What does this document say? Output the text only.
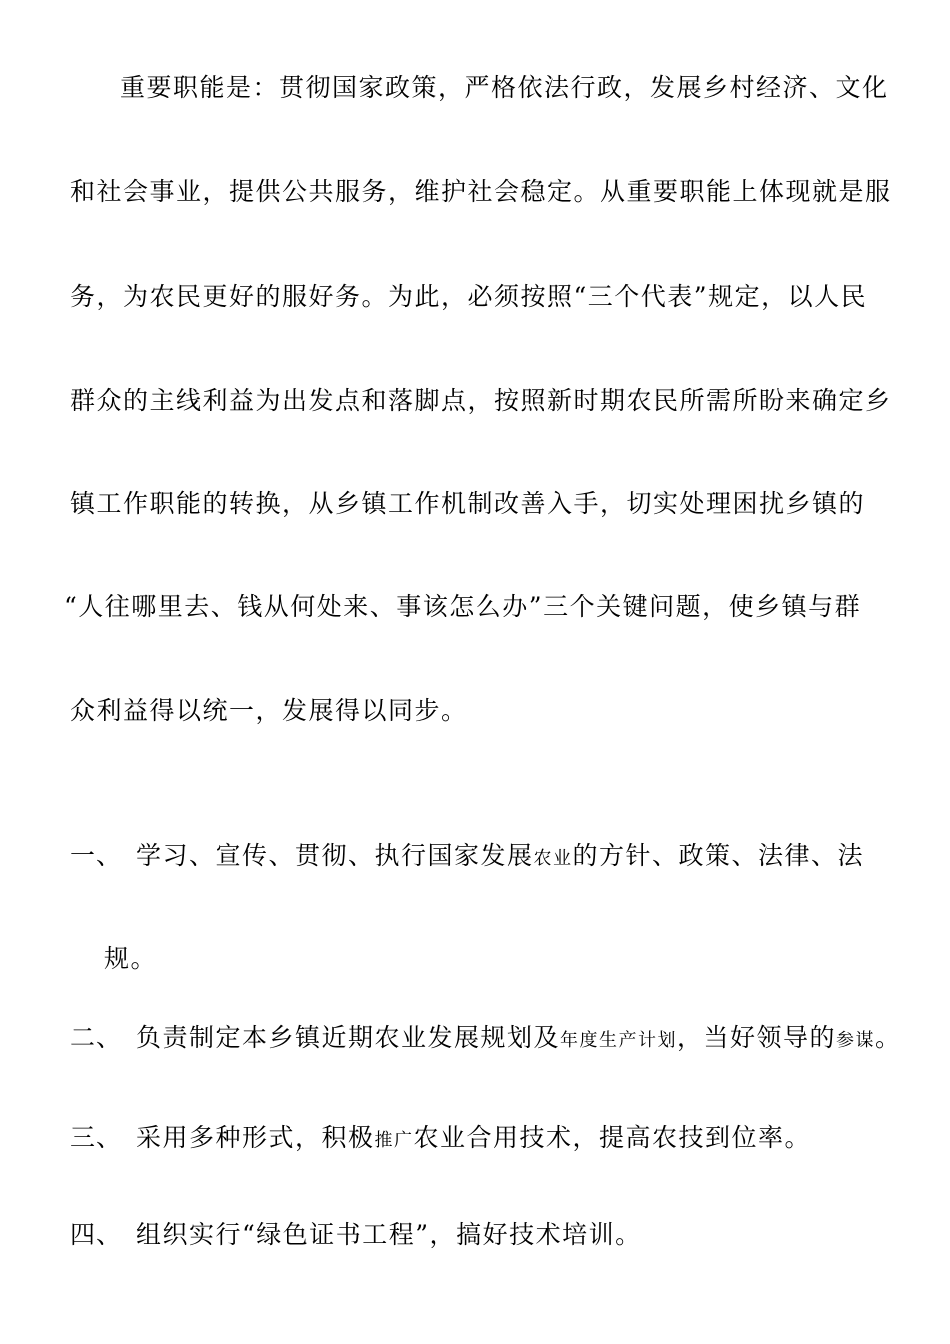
重要职能是：贯彻国家政策，严格依法行政，发展乡村经济、文化
和社会事业，提供公共服务，维护社会稳定。从重要职能上体现就是服
务，为农民更好的服好务。为此，必须按照“三个代表”规定，以人民
群众的主线利益为出发点和落脚点，按照新时期农民所需所盼来确定乡
镇工作职能的转换，从乡镇工作机制改善入手，切实处理困扰乡镇的
“人往哪里去、钱从何处来、事该怎么办”三个关键问题，使乡镇与群
众利益得以统一，发展得以同步。
一、 学习、宣传、贯彻、执行国家发展农业的方针、政策、法律、法
规。
二、 负责制定本乡镇近期农业发展规划及年度生产计划，当好领导的参谋。
三、 采用多种形式，积极推广农业合用技术，提高农技到位率。
四、 组织实行“绿色证书工程”，搞好技术培训。
